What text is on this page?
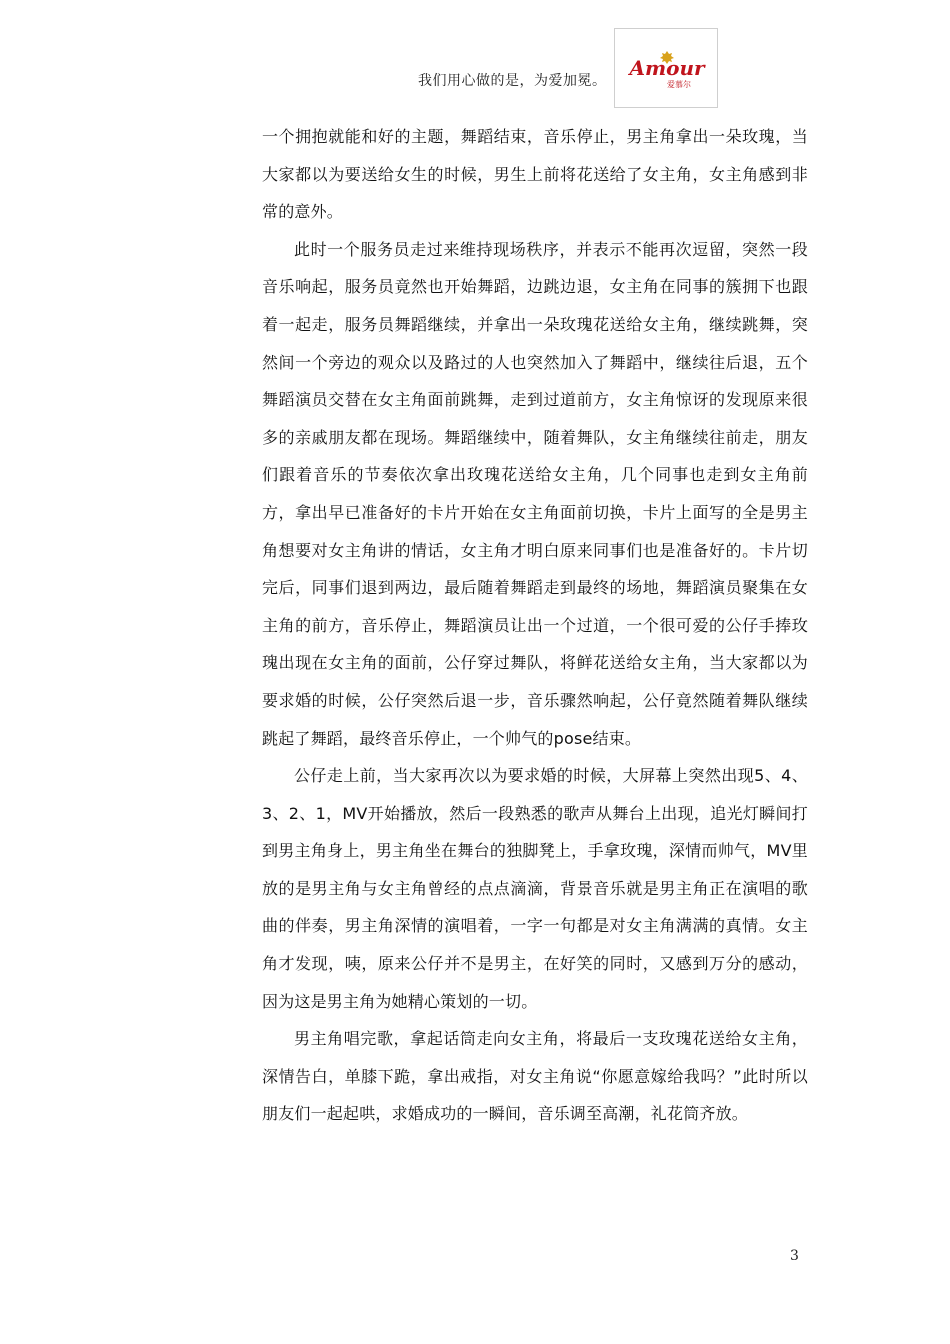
我们用心做的是，为爱加冕。
Amour
爱慕尔

一个拥抱就能和好的主题，舞蹈结束，音乐停止，男主角拿出一朵玫瑰，当大家都以为要送给女生的时候，男生上前将花送给了女主角，女主角感到非常的意外。

此时一个服务员走过来维持现场秩序，并表示不能再次逗留，突然一段音乐响起，服务员竟然也开始舞蹈，边跳边退，女主角在同事的簇拥下也跟着一起走，服务员舞蹈继续，并拿出一朵玫瑰花送给女主角，继续跳舞，突然间一个旁边的观众以及路过的人也突然加入了舞蹈中，继续往后退，五个舞蹈演员交替在女主角面前跳舞，走到过道前方，女主角惊讶的发现原来很多的亲戚朋友都在现场。舞蹈继续中，随着舞队，女主角继续往前走，朋友们跟着音乐的节奏依次拿出玫瑰花送给女主角，几个同事也走到女主角前方，拿出早已准备好的卡片开始在女主角面前切换，卡片上面写的全是男主角想要对女主角讲的情话，女主角才明白原来同事们也是准备好的。卡片切完后，同事们退到两边，最后随着舞蹈走到最终的场地，舞蹈演员聚集在女主角的前方，音乐停止，舞蹈演员让出一个过道，一个很可爱的公仔手捧玫瑰出现在女主角的面前，公仔穿过舞队，将鲜花送给女主角，当大家都以为要求婚的时候，公仔突然后退一步，音乐骤然响起，公仔竟然随着舞队继续跳起了舞蹈，最终音乐停止，一个帅气的pose结束。

公仔走上前，当大家再次以为要求婚的时候，大屏幕上突然出现5、4、3、2、1，MV开始播放，然后一段熟悉的歌声从舞台上出现，追光灯瞬间打到男主角身上，男主角坐在舞台的独脚凳上，手拿玫瑰，深情而帅气，MV里放的是男主角与女主角曾经的点点滴滴，背景音乐就是男主角正在演唱的歌曲的伴奏，男主角深情的演唱着，一字一句都是对女主角满满的真情。女主角才发现，咦，原来公仔并不是男主，在好笑的同时，又感到万分的感动，因为这是男主角为她精心策划的一切。

男主角唱完歌，拿起话筒走向女主角，将最后一支玫瑰花送给女主角，深情告白，单膝下跪，拿出戒指，对女主角说“你愿意嫁给我吗？”此时所以朋友们一起起哄，求婚成功的一瞬间，音乐调至高潮，礼花筒齐放。

3
